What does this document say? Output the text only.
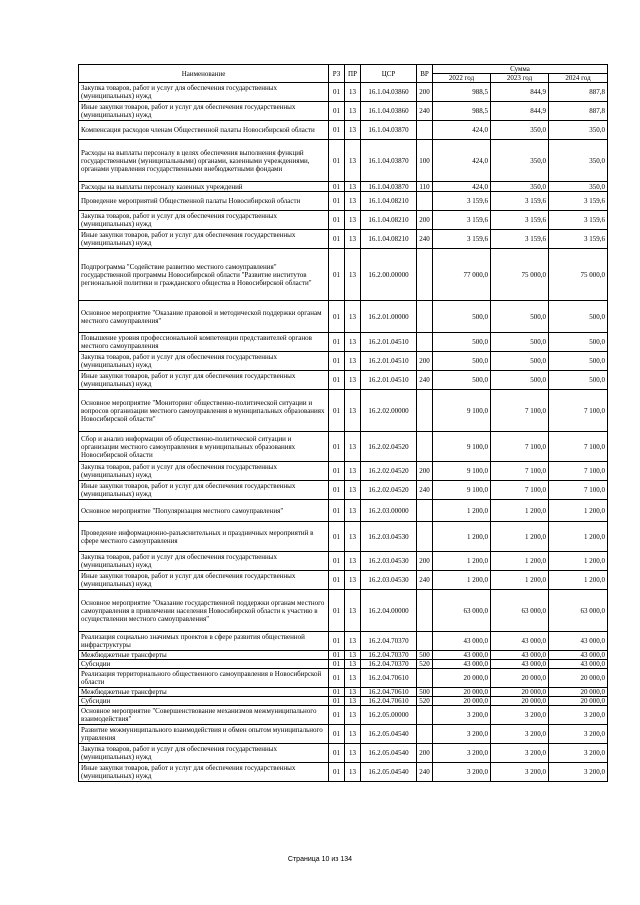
Наименование	РЗ	ПР	ЦСР	ВР	Сумма		
					2022 год	2023 год	2024 год
Закупка товаров, работ и услуг для обеспечения государственных (муниципальных) нужд	01	13	16.1.04.03860	200	988,5	844,9	887,8
Иные закупки товаров, работ и услуг для обеспечения государственных (муниципальных) нужд	01	13	16.1.04.03860	240	988,5	844,9	887,8
Компенсация расходов членам Общественной палаты Новосибирской области	01	13	16.1.04.03870		424,0	350,0	350,0
Расходы на выплаты персоналу в целях обеспечения выполнения функций государственными (муниципальными) органами, казенными учреждениями, органами управления государственными внебюджетными фондами	01	13	16.1.04.03870	100	424,0	350,0	350,0
Расходы на выплаты персоналу казенных учреждений	01	13	16.1.04.03870	110	424,0	350,0	350,0
Проведение мероприятий Общественной палаты Новосибирской области	01	13	16.1.04.08210		3 159,6	3 159,6	3 159,6
Закупка товаров, работ и услуг для обеспечения государственных (муниципальных) нужд	01	13	16.1.04.08210	200	3 159,6	3 159,6	3 159,6
Иные закупки товаров, работ и услуг для обеспечения государственных (муниципальных) нужд	01	13	16.1.04.08210	240	3 159,6	3 159,6	3 159,6
Подпрограмма "Содействие развитию местного самоуправления" государственной программы Новосибирской области "Развитие институтов региональной политики и гражданского общества в Новосибирской области"	01	13	16.2.00.00000		77 000,0	75 000,0	75 000,0
Основное мероприятие "Оказание правовой и методической поддержки органам местного самоуправления"	01	13	16.2.01.00000		500,0	500,0	500,0
Повышение уровня профессиональной компетенции представителей органов местного самоуправления	01	13	16.2.01.04510		500,0	500,0	500,0
Закупка товаров, работ и услуг для обеспечения государственных (муниципальных) нужд	01	13	16.2.01.04510	200	500,0	500,0	500,0
Иные закупки товаров, работ и услуг для обеспечения государственных (муниципальных) нужд	01	13	16.2.01.04510	240	500,0	500,0	500,0
Основное мероприятие "Мониторинг общественно-политической ситуации и вопросов организации местного самоуправления в муниципальных образованиях Новосибирской области"	01	13	16.2.02.00000		9 100,0	7 100,0	7 100,0
Сбор и анализ информации об общественно-политической ситуации и организации местного самоуправления в муниципальных образованиях Новосибирской области	01	13	16.2.02.04520		9 100,0	7 100,0	7 100,0
Закупка товаров, работ и услуг для обеспечения государственных (муниципальных) нужд	01	13	16.2.02.04520	200	9 100,0	7 100,0	7 100,0
Иные закупки товаров, работ и услуг для обеспечения государственных (муниципальных) нужд	01	13	16.2.02.04520	240	9 100,0	7 100,0	7 100,0
Основное мероприятие "Популяризация местного самоуправления"	01	13	16.2.03.00000		1 200,0	1 200,0	1 200,0
Проведение информационно-разъяснительных и праздничных мероприятий в сфере местного самоуправления	01	13	16.2.03.04530		1 200,0	1 200,0	1 200,0
Закупка товаров, работ и услуг для обеспечения государственных (муниципальных) нужд	01	13	16.2.03.04530	200	1 200,0	1 200,0	1 200,0
Иные закупки товаров, работ и услуг для обеспечения государственных (муниципальных) нужд	01	13	16.2.03.04530	240	1 200,0	1 200,0	1 200,0
Основное мероприятие "Оказание государственной поддержки органам местного самоуправления в привлечении населения Новосибирской области к участию в осуществлении местного самоуправления"	01	13	16.2.04.00000		63 000,0	63 000,0	63 000,0
Реализация социально значимых проектов в сфере развития общественной инфраструктуры	01	13	16.2.04.70370		43 000,0	43 000,0	43 000,0
Межбюджетные трансферты	01	13	16.2.04.70370	500	43 000,0	43 000,0	43 000,0
Субсидии	01	13	16.2.04.70370	520	43 000,0	43 000,0	43 000,0
Реализация территориального общественного самоуправления в Новосибирской области	01	13	16.2.04.70610		20 000,0	20 000,0	20 000,0
Межбюджетные трансферты	01	13	16.2.04.70610	500	20 000,0	20 000,0	20 000,0
Субсидии	01	13	16.2.04.70610	520	20 000,0	20 000,0	20 000,0
Основное мероприятие "Совершенствование механизмов межмуниципального взаимодействия"	01	13	16.2.05.00000		3 200,0	3 200,0	3 200,0
Развитие межмуниципального взаимодействия и обмен опытом муниципального управления	01	13	16.2.05.04540		3 200,0	3 200,0	3 200,0
Закупка товаров, работ и услуг для обеспечения государственных (муниципальных) нужд	01	13	16.2.05.04540	200	3 200,0	3 200,0	3 200,0
Иные закупки товаров, работ и услуг для обеспечения государственных (муниципальных) нужд	01	13	16.2.05.04540	240	3 200,0	3 200,0	3 200,0
Страница 10 из 134
